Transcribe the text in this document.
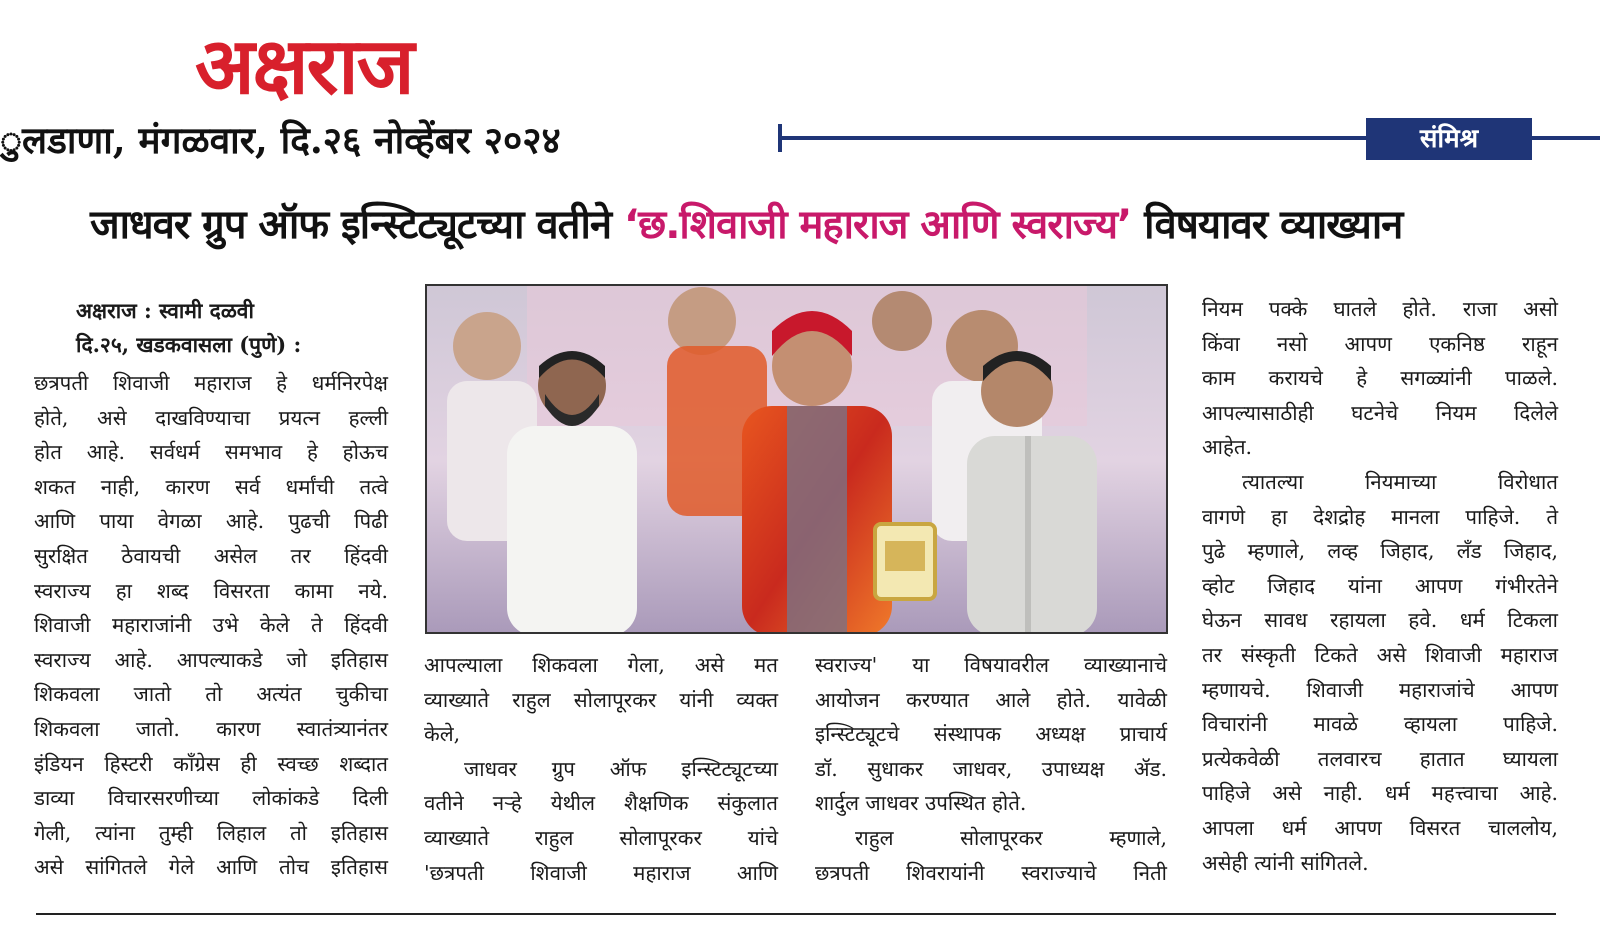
अक्षराज
ुलडाणा, मंगळवार, दि.२६ नोव्हेंबर २०२४	संमिश्र
जाधवर ग्रुप ऑफ इन्स्टिट्यूटच्या वतीने ‘छ.शिवाजी महाराज आणि स्वराज्य’ विषयावर व्याख्यान
अक्षराज : स्वामी दळवी
दि.२५, खडकवासला (पुणे) :

छत्रपती शिवाजी महाराज हे धर्मनिरपेक्ष

होते, असे दाखविण्याचा प्रयत्न हल्ली

होत आहे. सर्वधर्म समभाव हे होऊच

शकत नाही, कारण सर्व धर्मांची तत्वे

आणि पाया वेगळा आहे. पुढची पिढी

सुरक्षित ठेवायची असेल तर हिंदवी

स्वराज्य हा शब्द विसरता कामा नये.

शिवाजी महाराजांनी उभे केले ते हिंदवी

स्वराज्य आहे. आपल्याकडे जो इतिहास

शिकवला जातो तो अत्यंत चुकीचा

शिकवला जातो. कारण स्वातंत्र्यानंतर

इंडियन हिस्टरी कॉंग्रेस ही स्वच्छ शब्दात

डाव्या विचारसरणीच्या लोकांकडे दिली

गेली, त्यांना तुम्ही लिहाल तो इतिहास

असे सांगितले गेले आणि तोच इतिहास

आपल्याला शिकवला गेला, असे मत

व्याख्याते राहुल सोलापूरकर यांनी व्यक्त

केले,

जाधवर ग्रुप ऑफ इन्स्टिट्यूटच्या

वतीने नऱ्हे येथील शैक्षणिक संकुलात

व्याख्याते राहुल सोलापूरकर यांचे

'छत्रपती शिवाजी महाराज आणि

स्वराज्य' या विषयावरील व्याख्यानाचे

आयोजन करण्यात आले होते. यावेळी

इन्स्टिट्यूटचे संस्थापक अध्यक्ष प्राचार्य

डॉ. सुधाकर जाधवर, उपाध्यक्ष ॲड.

शार्दुल जाधवर उपस्थित होते.

राहुल सोलापूरकर म्हणाले,

छत्रपती शिवरायांनी स्वराज्याचे निती

नियम पक्के घातले होते. राजा असो

किंवा नसो आपण एकनिष्ठ राहून

काम करायचे हे सगळ्यांनी पाळले.

आपल्यासाठीही घटनेचे नियम दिलेले

आहेत.

त्यातल्या नियमाच्या विरोधात

वागणे हा देशद्रोह मानला पाहिजे. ते

पुढे म्हणाले, लव्ह जिहाद, लँड जिहाद,

व्होट जिहाद यांना आपण गंभीरतेने

घेऊन सावध रहायला हवे. धर्म टिकला

तर संस्कृती टिकते असे शिवाजी महाराज

म्हणायचे. शिवाजी महाराजांचे आपण

विचारांनी मावळे व्हायला पाहिजे.

प्रत्येकवेळी तलवारच हातात घ्यायला

पाहिजे असे नाही. धर्म महत्त्वाचा आहे.

आपला धर्म आपण विसरत चाललोय,

असेही त्यांनी सांगितले.
